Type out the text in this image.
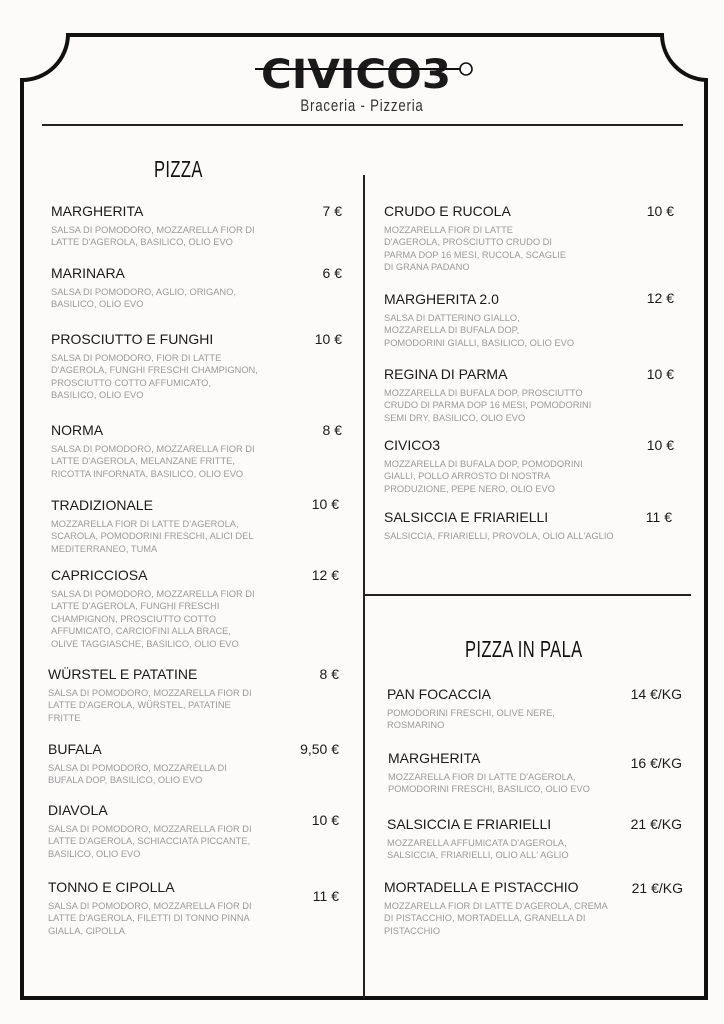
CIVICO3
Braceria - Pizzeria
PIZZA
PIZZA IN PALA
MARGHERITA
SALSA DI POMODORO, MOZZARELLA FIOR DI
LATTE D'AGEROLA, BASILICO, OLIO EVO
7 €
MARINARA
SALSA DI POMODORO, AGLIO, ORIGANO,
BASILICO, OLIO EVO
6 €
PROSCIUTTO E FUNGHI
SALSA DI POMODORO, FIOR DI LATTE
D'AGEROLA, FUNGHI FRESCHI CHAMPIGNON,
PROSCIUTTO COTTO AFFUMICATO,
BASILICO, OLIO EVO
10 €
NORMA
SALSA DI POMODORO, MOZZARELLA FIOR DI
LATTE D'AGEROLA, MELANZANE FRITTE,
RICOTTA INFORNATA, BASILICO, OLIO EVO
8 €
TRADIZIONALE
MOZZARELLA FIOR DI LATTE D'AGEROLA,
SCAROLA, POMODORINI FRESCHI, ALICI DEL
MEDITERRANEO, TUMA
10 €
CAPRICCIOSA
SALSA DI POMODORO, MOZZARELLA FIOR DI
LATTE D'AGEROLA, FUNGHI FRESCHI
CHAMPIGNON, PROSCIUTTO COTTO
AFFUMICATO, CARCIOFINI ALLA BRACE,
OLIVE TAGGIASCHE, BASILICO, OLIO EVO
12 €
WÜRSTEL E PATATINE
SALSA DI POMODORO, MOZZARELLA FIOR DI
LATTE D'AGEROLA, WÜRSTEL, PATATINE
FRITTE
8 €
BUFALA
SALSA DI POMODORO, MOZZARELLA DI
BUFALA DOP, BASILICO, OLIO EVO
9,50 €
DIAVOLA
SALSA DI POMODORO, MOZZARELLA FIOR DI
LATTE D'AGEROLA, SCHIACCIATA PICCANTE,
BASILICO, OLIO EVO
10 €
TONNO E CIPOLLA
SALSA DI POMODORO, MOZZARELLA FIOR DI
LATTE D'AGEROLA, FILETTI DI TONNO PINNA
GIALLA, CIPOLLA
11 €
CRUDO E RUCOLA
MOZZARELLA FIOR DI LATTE
D'AGEROLA, PROSCIUTTO CRUDO DI
PARMA DOP 16 MESI, RUCOLA, SCAGLIE
DI GRANA PADANO
10 €
MARGHERITA 2.0
SALSA DI DATTERINO GIALLO,
MOZZARELLA DI BUFALA DOP,
POMODORINI GIALLI, BASILICO, OLIO EVO
12 €
REGINA DI PARMA
MOZZARELLA DI BUFALA DOP, PROSCIUTTO
CRUDO DI PARMA DOP 16 MESI, POMODORINI
SEMI DRY, BASILICO, OLIO EVO
10 €
CIVICO3
MOZZARELLA DI BUFALA DOP, POMODORINI
GIALLI, POLLO ARROSTO DI NOSTRA
PRODUZIONE, PEPE NERO, OLIO EVO
10 €
SALSICCIA E FRIARIELLI
SALSICCIA, FRIARIELLI, PROVOLA, OLIO ALL'AGLIO
11 €
PAN FOCACCIA
POMODORINI FRESCHI, OLIVE NERE,
ROSMARINO
14 €/KG
MARGHERITA
MOZZARELLA FIOR DI LATTE D'AGEROLA,
POMODORINI FRESCHI, BASILICO, OLIO EVO
16 €/KG
SALSICCIA E FRIARIELLI
MOZZARELLA AFFUMICATA D'AGEROLA,
SALSICCIA, FRIARIELLI, OLIO ALL' AGLIO
21 €/KG
MORTADELLA E PISTACCHIO
MOZZARELLA FIOR DI LATTE D'AGEROLA, CREMA
DI PISTACCHIO, MORTADELLA, GRANELLA DI
PISTACCHIO
21 €/KG
